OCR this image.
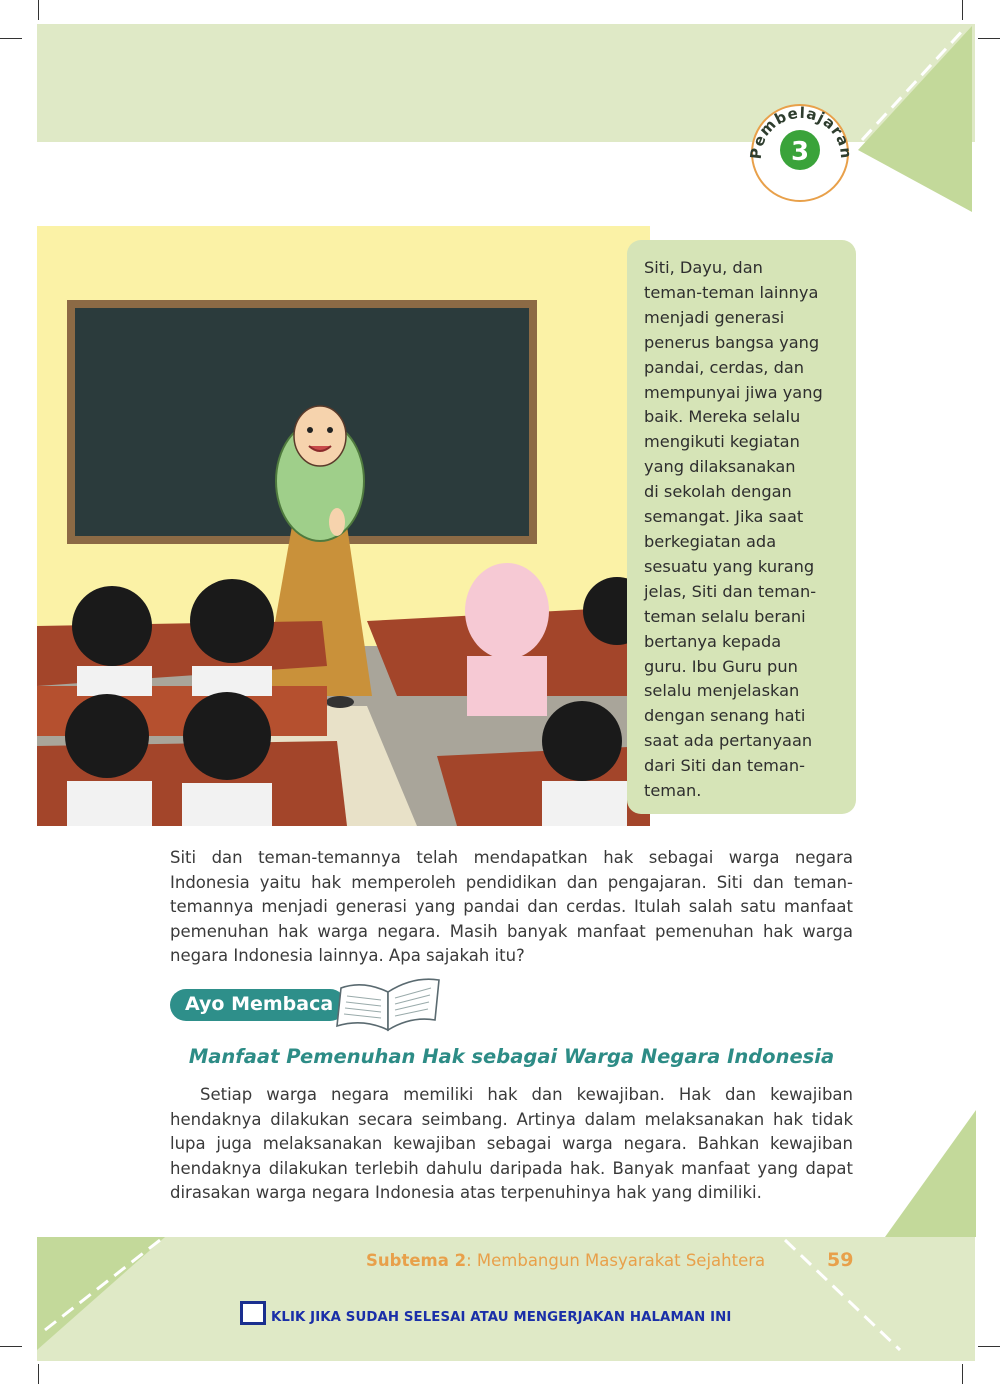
Pembelajaran
3

Siti, Dayu, dan
teman-teman lainnya
menjadi generasi
penerus bangsa yang
pandai, cerdas, dan
mempunyai jiwa yang
baik. Mereka selalu
mengikuti kegiatan
yang dilaksanakan
di sekolah dengan
semangat. Jika saat
berkegiatan ada
sesuatu yang kurang
jelas, Siti dan teman-
teman selalu berani
bertanya kepada
guru. Ibu Guru pun
selalu menjelaskan
dengan senang hati
saat ada pertanyaan
dari Siti dan teman-
teman.

Siti dan teman-temannya telah mendapatkan hak sebagai warga negara Indonesia yaitu hak memperoleh pendidikan dan pengajaran. Siti dan teman-temannya menjadi generasi yang pandai dan cerdas. Itulah salah satu manfaat pemenuhan hak warga negara. Masih banyak manfaat pemenuhan hak warga negara Indonesia lainnya. Apa sajakah itu?

Ayo Membaca

Manfaat Pemenuhan Hak sebagai Warga Negara Indonesia

Setiap warga negara memiliki hak dan kewajiban. Hak dan kewajiban hendaknya dilakukan secara seimbang. Artinya dalam melaksanakan hak tidak lupa juga melaksanakan kewajiban sebagai warga negara. Bahkan kewajiban hendaknya dilakukan terlebih dahulu daripada hak. Banyak manfaat yang dapat dirasakan warga negara Indonesia atas terpenuhinya hak yang dimiliki.

Subtema 2: Membangun Masyarakat Sejahtera	59
KLIK JIKA SUDAH SELESAI ATAU MENGERJAKAN HALAMAN INI
